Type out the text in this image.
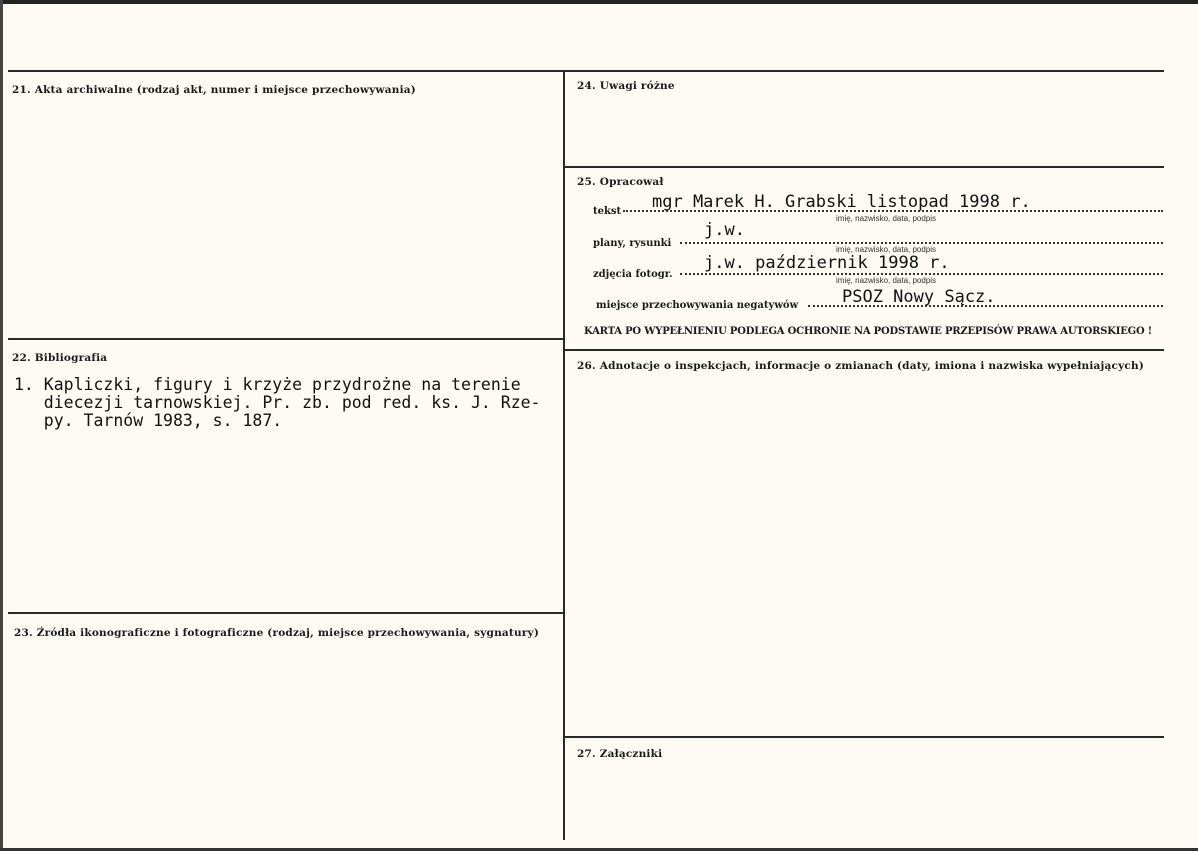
21. Akta archiwalne (rodzaj akt, numer i miejsce przechowywania)
22. Bibliografia
23. Źródła ikonograficzne i fotograficzne (rodzaj, miejsce przechowywania, sygnatury)
24. Uwagi różne
25. Opracował
26. Adnotacje o inspekcjach, informacje o zmianach (daty, imiona i nazwiska wypełniających)
27. Załączniki
tekst mgr Marek H. Grabski listopad 1998 r.
imię, nazwisko, data, podpis
j.w.
plany, rysunki
imię, nazwisko, data, podpis
j.w. październik 1998 r.
zdjęcia fotogr.
imię, nazwisko, data, podpis
PSOZ Nowy Sącz.
miejsce przechowywania negatywów
KARTA PO WYPEŁNIENIU PODLEGA OCHRONIE NA PODSTAWIE PRZEPISÓW PRAWA AUTORSKIEGO !
1. Kapliczki, figury i krzyże przydrożne na terenie
diecezji tarnowskiej. Pr. zb. pod red. ks. J. Rze-
py. Tarnów 1983, s. 187.
